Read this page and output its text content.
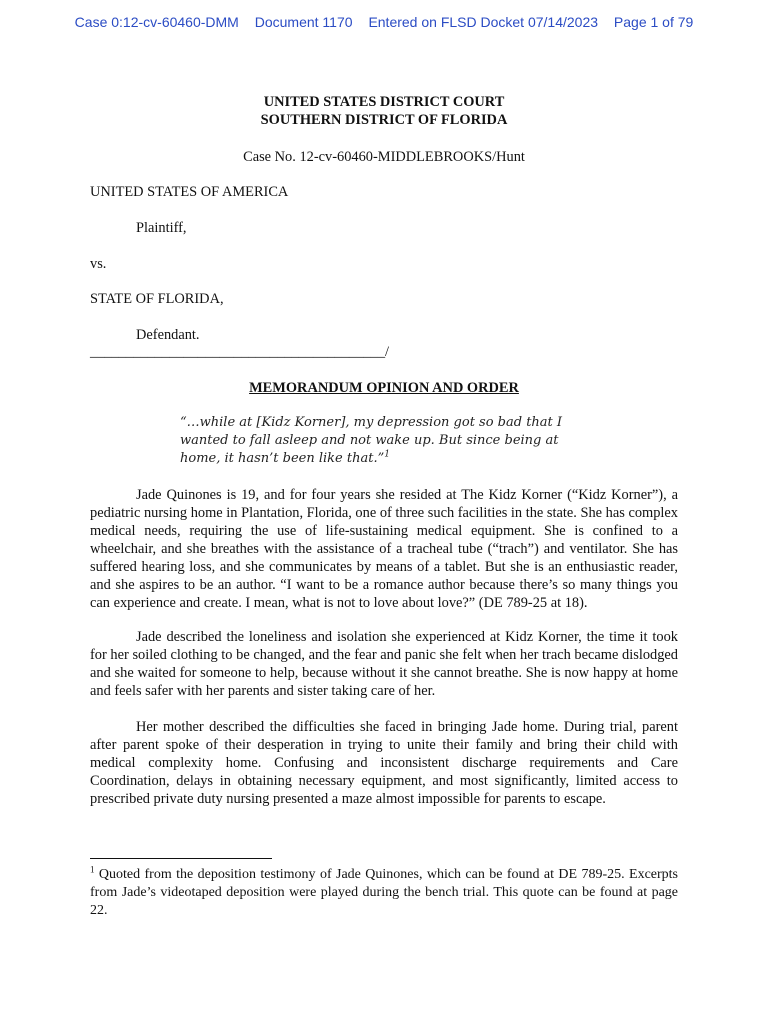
Case 0:12-cv-60460-DMM Document 1170 Entered on FLSD Docket 07/14/2023 Page 1 of 79
UNITED STATES DISTRICT COURT
SOUTHERN DISTRICT OF FLORIDA
Case No. 12-cv-60460-MIDDLEBROOKS/Hunt
UNITED STATES OF AMERICA
Plaintiff,
vs.
STATE OF FLORIDA,
Defendant.
_________________________________________/
MEMORANDUM OPINION AND ORDER
“…while at [Kidz Korner], my depression got so bad that I wanted to fall asleep and not wake up. But since being at home, it hasn’t been like that.”$^1$
Jade Quinones is 19, and for four years she resided at The Kidz Korner (“Kidz Korner”), a pediatric nursing home in Plantation, Florida, one of three such facilities in the state. She has complex medical needs, requiring the use of life-sustaining medical equipment. She is confined to a wheelchair, and she breathes with the assistance of a tracheal tube (“trach”) and ventilator. She has suffered hearing loss, and she communicates by means of a tablet. But she is an enthusiastic reader, and she aspires to be an author. “I want to be a romance author because there’s so many things you can experience and create. I mean, what is not to love about love?” (DE 789-25 at 18).
Jade described the loneliness and isolation she experienced at Kidz Korner, the time it took for her soiled clothing to be changed, and the fear and panic she felt when her trach became dislodged and she waited for someone to help, because without it she cannot breathe. She is now happy at home and feels safer with her parents and sister taking care of her.
Her mother described the difficulties she faced in bringing Jade home. During trial, parent after parent spoke of their desperation in trying to unite their family and bring their child with medical complexity home. Confusing and inconsistent discharge requirements and Care Coordination, delays in obtaining necessary equipment, and most significantly, limited access to prescribed private duty nursing presented a maze almost impossible for parents to escape.
$^1$ Quoted from the deposition testimony of Jade Quinones, which can be found at DE 789-25. Excerpts from Jade’s videotaped deposition were played during the bench trial. This quote can be found at page 22.
